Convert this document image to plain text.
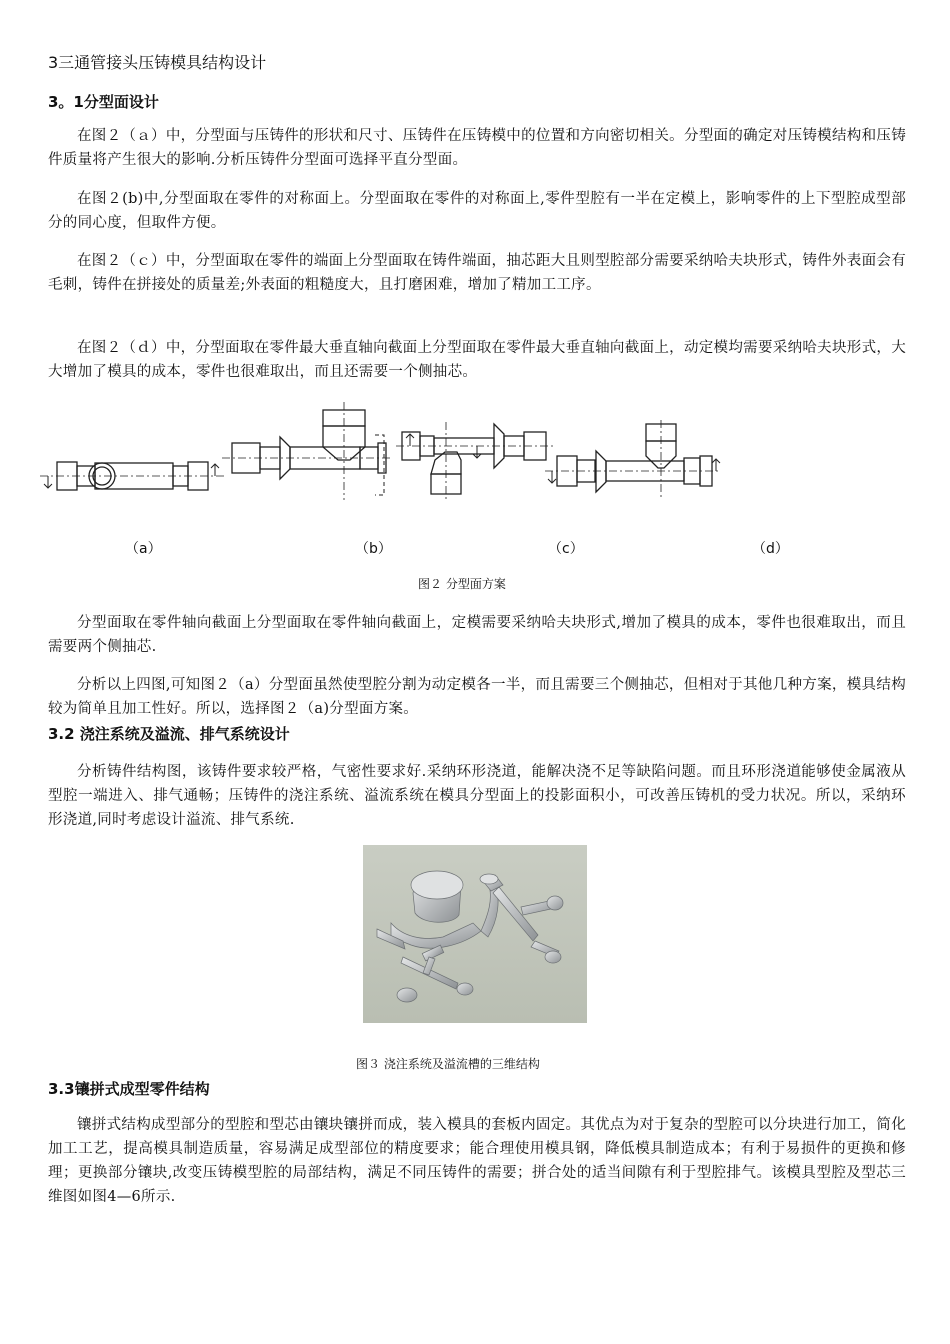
3三通管接头压铸模具结构设计
3。1分型面设计
在图２（ａ）中，分型面与压铸件的形状和尺寸、压铸件在压铸模中的位置和方向密切相关。分型面的确定对压铸模结构和压铸件质量将产生很大的影响.分析压铸件分型面可选择平直分型面。
在图２(b)中,分型面取在零件的对称面上。分型面取在零件的对称面上,零件型腔有一半在定模上，影响零件的上下型腔成型部分的同心度，但取件方便。
在图２（ｃ）中，分型面取在零件的端面上分型面取在铸件端面，抽芯距大且则型腔部分需要采纳哈夫块形式，铸件外表面会有毛刺，铸件在拼接处的质量差;外表面的粗糙度大，且打磨困难，增加了精加工工序。
在图２（ｄ）中，分型面取在零件最大垂直轴向截面上分型面取在零件最大垂直轴向截面上，动定模均需要采纳哈夫块形式，大大增加了模具的成本，零件也很难取出，而且还需要一个侧抽芯。
（a）	（b）	（c）	（d）
图２ 分型面方案
分型面取在零件轴向截面上分型面取在零件轴向截面上，定模需要采纳哈夫块形式,增加了模具的成本，零件也很难取出，而且需要两个侧抽芯.
分析以上四图,可知图２（a）分型面虽然使型腔分割为动定模各一半，而且需要三个侧抽芯，但相对于其他几种方案，模具结构较为简单且加工性好。所以，选择图２（a)分型面方案。
3.2 浇注系统及溢流、排气系统设计
分析铸件结构图，该铸件要求较严格，气密性要求好.采纳环形浇道，能解决浇不足等缺陷问题。而且环形浇道能够使金属液从型腔一端进入、排气通畅；压铸件的浇注系统、溢流系统在模具分型面上的投影面积小，可改善压铸机的受力状况。所以，采纳环形浇道,同时考虑设计溢流、排气系统.
图３ 浇注系统及溢流槽的三维结构
3.3镶拼式成型零件结构
镶拼式结构成型部分的型腔和型芯由镶块镶拼而成，装入模具的套板内固定。其优点为对于复杂的型腔可以分块进行加工，简化加工工艺，提高模具制造质量，容易满足成型部位的精度要求；能合理使用模具钢，降低模具制造成本；有利于易损件的更换和修理；更换部分镶块,改变压铸模型腔的局部结构，满足不同压铸件的需要；拼合处的适当间隙有利于型腔排气。该模具型腔及型芯三维图如图4—6所示.
